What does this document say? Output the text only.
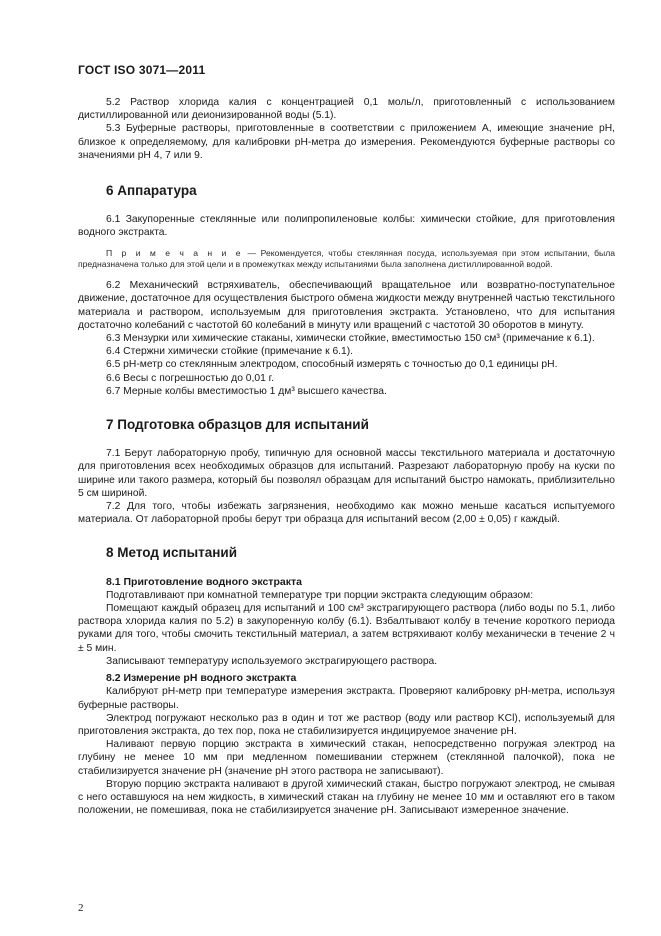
ГОСТ ISO 3071—2011

5.2 Раствор хлорида калия с концентрацией 0,1 моль/л, приготовленный с использованием дистиллированной или деионизированной воды (5.1).

5.3 Буферные растворы, приготовленные в соответствии с приложением А, имеющие значение рН, близкое к определяемому, для калибровки рН-метра до измерения. Рекомендуются буферные растворы со значениями рН 4, 7 или 9.

6 Аппаратура

6.1 Закупоренные стеклянные или полипропиленовые колбы: химически стойкие, для приготовления водного экстракта.

П р и м е ч а н и е — Рекомендуется, чтобы стеклянная посуда, используемая при этом испытании, была предназначена только для этой цели и в промежутках между испытаниями была заполнена дистиллированной водой.

6.2 Механический встряхиватель, обеспечивающий вращательное или возвратно-поступательное движение, достаточное для осуществления быстрого обмена жидкости между внутренней частью текстильного материала и раствором, используемым для приготовления экстракта. Установлено, что для испытания достаточно колебаний с частотой 60 колебаний в минуту или вращений с частотой 30 оборотов в минуту.

6.3 Мензурки или химические стаканы, химически стойкие, вместимостью 150 см³ (примечание к 6.1).

6.4 Стержни химически стойкие (примечание к 6.1).

6.5 рН-метр со стеклянным электродом, способный измерять с точностью до 0,1 единицы рН.

6.6 Весы с погрешностью до 0,01 г.

6.7 Мерные колбы вместимостью 1 дм³ высшего качества.

7 Подготовка образцов для испытаний

7.1 Берут лабораторную пробу, типичную для основной массы текстильного материала и достаточную для приготовления всех необходимых образцов для испытаний. Разрезают лабораторную пробу на куски по ширине или такого размера, который бы позволял образцам для испытаний быстро намокать, приблизительно 5 см шириной.

7.2 Для того, чтобы избежать загрязнения, необходимо как можно меньше касаться испытуемого материала. От лабораторной пробы берут три образца для испытаний весом (2,00 ± 0,05) г каждый.

8 Метод испытаний
8.1 Приготовление водного экстракта

Подготавливают при комнатной температуре три порции экстракта следующим образом:

Помещают каждый образец для испытаний и 100 см³ экстрагирующего раствора (либо воды по 5.1, либо раствора хлорида калия по 5.2) в закупоренную колбу (6.1). Взбалтывают колбу в течение короткого периода руками для того, чтобы смочить текстильный материал, а затем встряхивают колбу механически в течение 2 ч ± 5 мин.

Записывают температуру используемого экстрагирующего раствора.

8.2 Измерение рН водного экстракта

Калибруют рН-метр при температуре измерения экстракта. Проверяют калибровку рН-метра, используя буферные растворы.

Электрод погружают несколько раз в один и тот же раствор (воду или раствор KCl), используемый для приготовления экстракта, до тех пор, пока не стабилизируется индицируемое значение рН.

Наливают первую порцию экстракта в химический стакан, непосредственно погружая электрод на глубину не менее 10 мм при медленном помешивании стержнем (стеклянной палочкой), пока не стабилизируется значение рН (значение рН этого раствора не записывают).

Вторую порцию экстракта наливают в другой химический стакан, быстро погружают электрод, не смывая с него оставшуюся на нем жидкость, в химический стакан на глубину не менее 10 мм и оставляют его в таком положении, не помешивая, пока не стабилизируется значение рН. Записывают измеренное значение.

2
